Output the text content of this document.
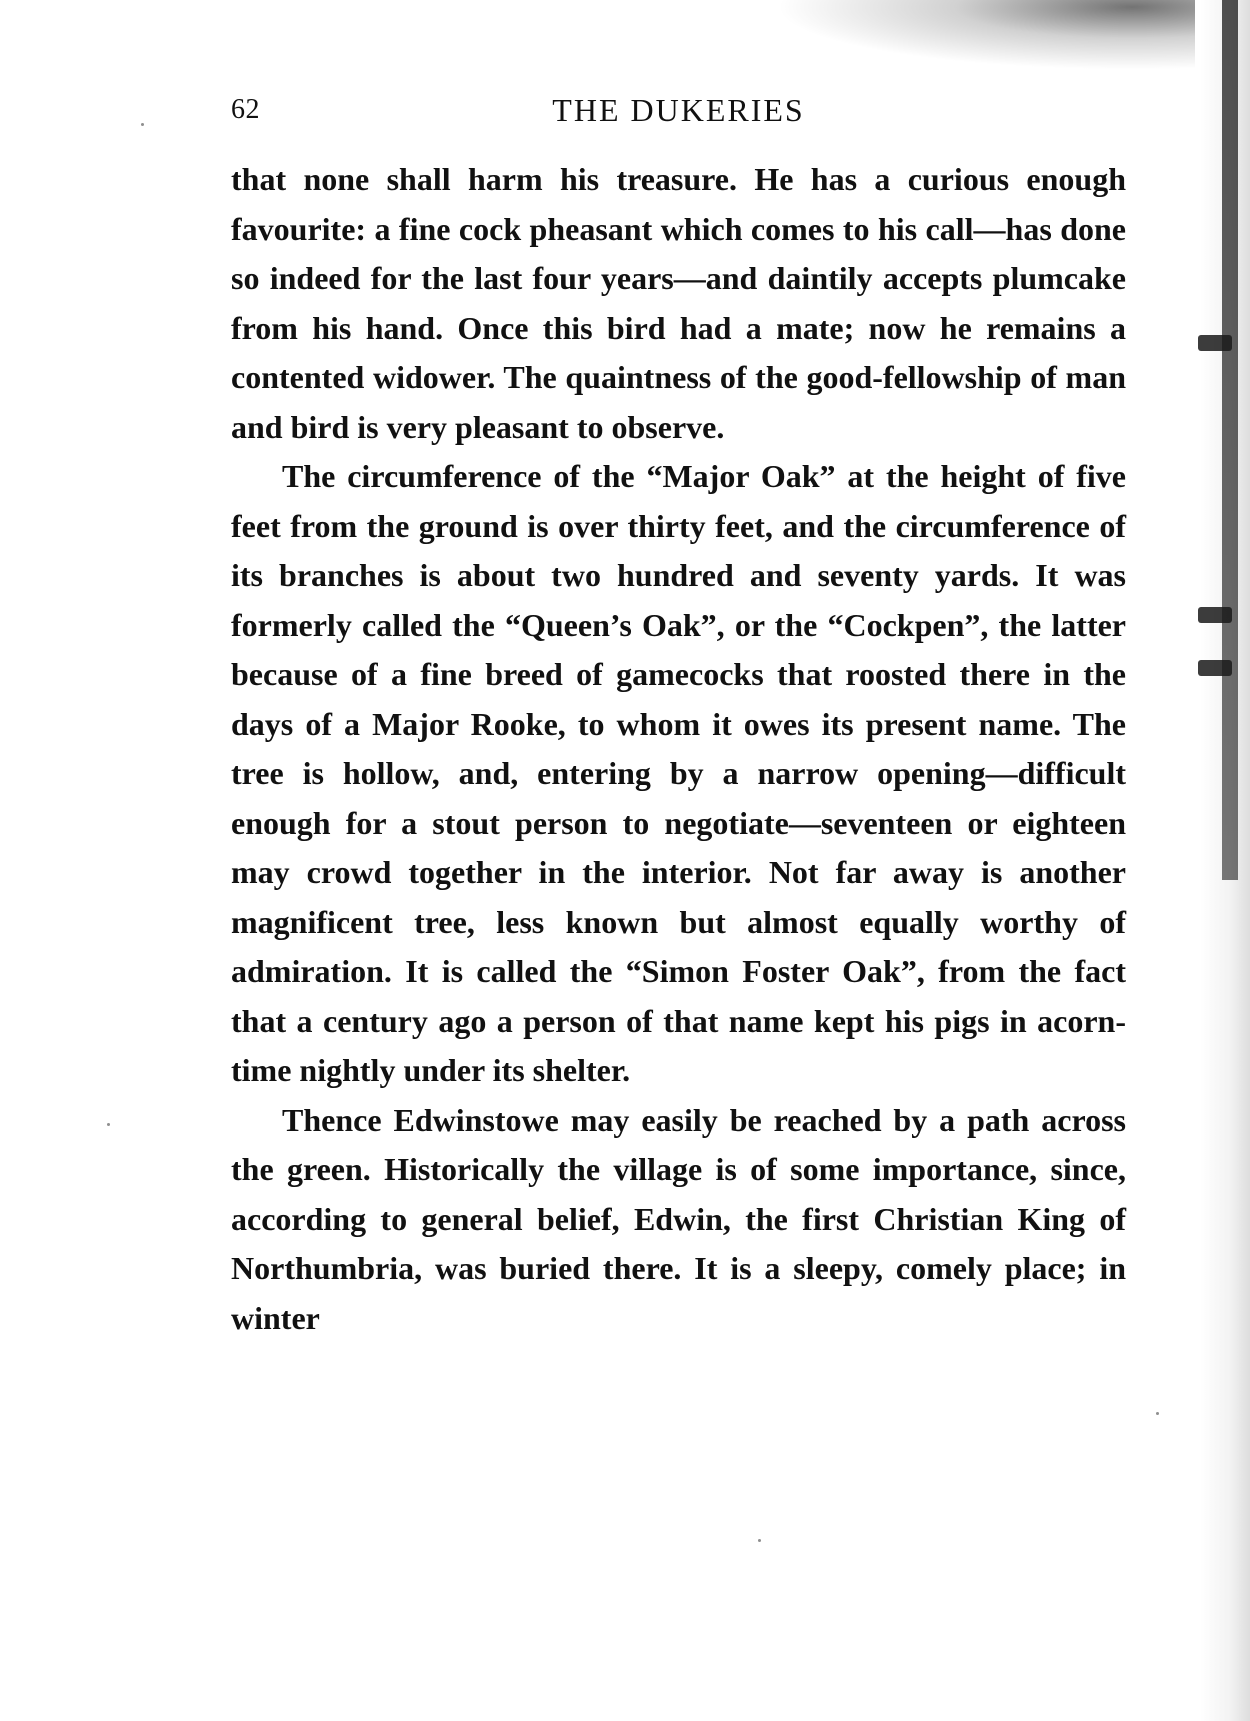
62	THE DUKERIES

that none shall harm his treasure. He has a curious enough favourite: a fine cock pheasant which comes to his call—has done so indeed for the last four years—and daintily accepts plumcake from his hand. Once this bird had a mate; now he remains a contented widower. The quaintness of the good-fellowship of man and bird is very pleasant to observe.

The circumference of the “Major Oak” at the height of five feet from the ground is over thirty feet, and the circumference of its branches is about two hundred and seventy yards. It was formerly called the “Queen’s Oak”, or the “Cockpen”, the latter because of a fine breed of gamecocks that roosted there in the days of a Major Rooke, to whom it owes its present name. The tree is hollow, and, entering by a narrow opening—difficult enough for a stout person to negotiate—seventeen or eighteen may crowd together in the interior. Not far away is another magnificent tree, less known but almost equally worthy of admiration. It is called the “Simon Foster Oak”, from the fact that a century ago a person of that name kept his pigs in acorn-time nightly under its shelter.

Thence Edwinstowe may easily be reached by a path across the green. Historically the village is of some importance, since, according to general belief, Edwin, the first Christian King of Northumbria, was buried there. It is a sleepy, comely place; in winter
